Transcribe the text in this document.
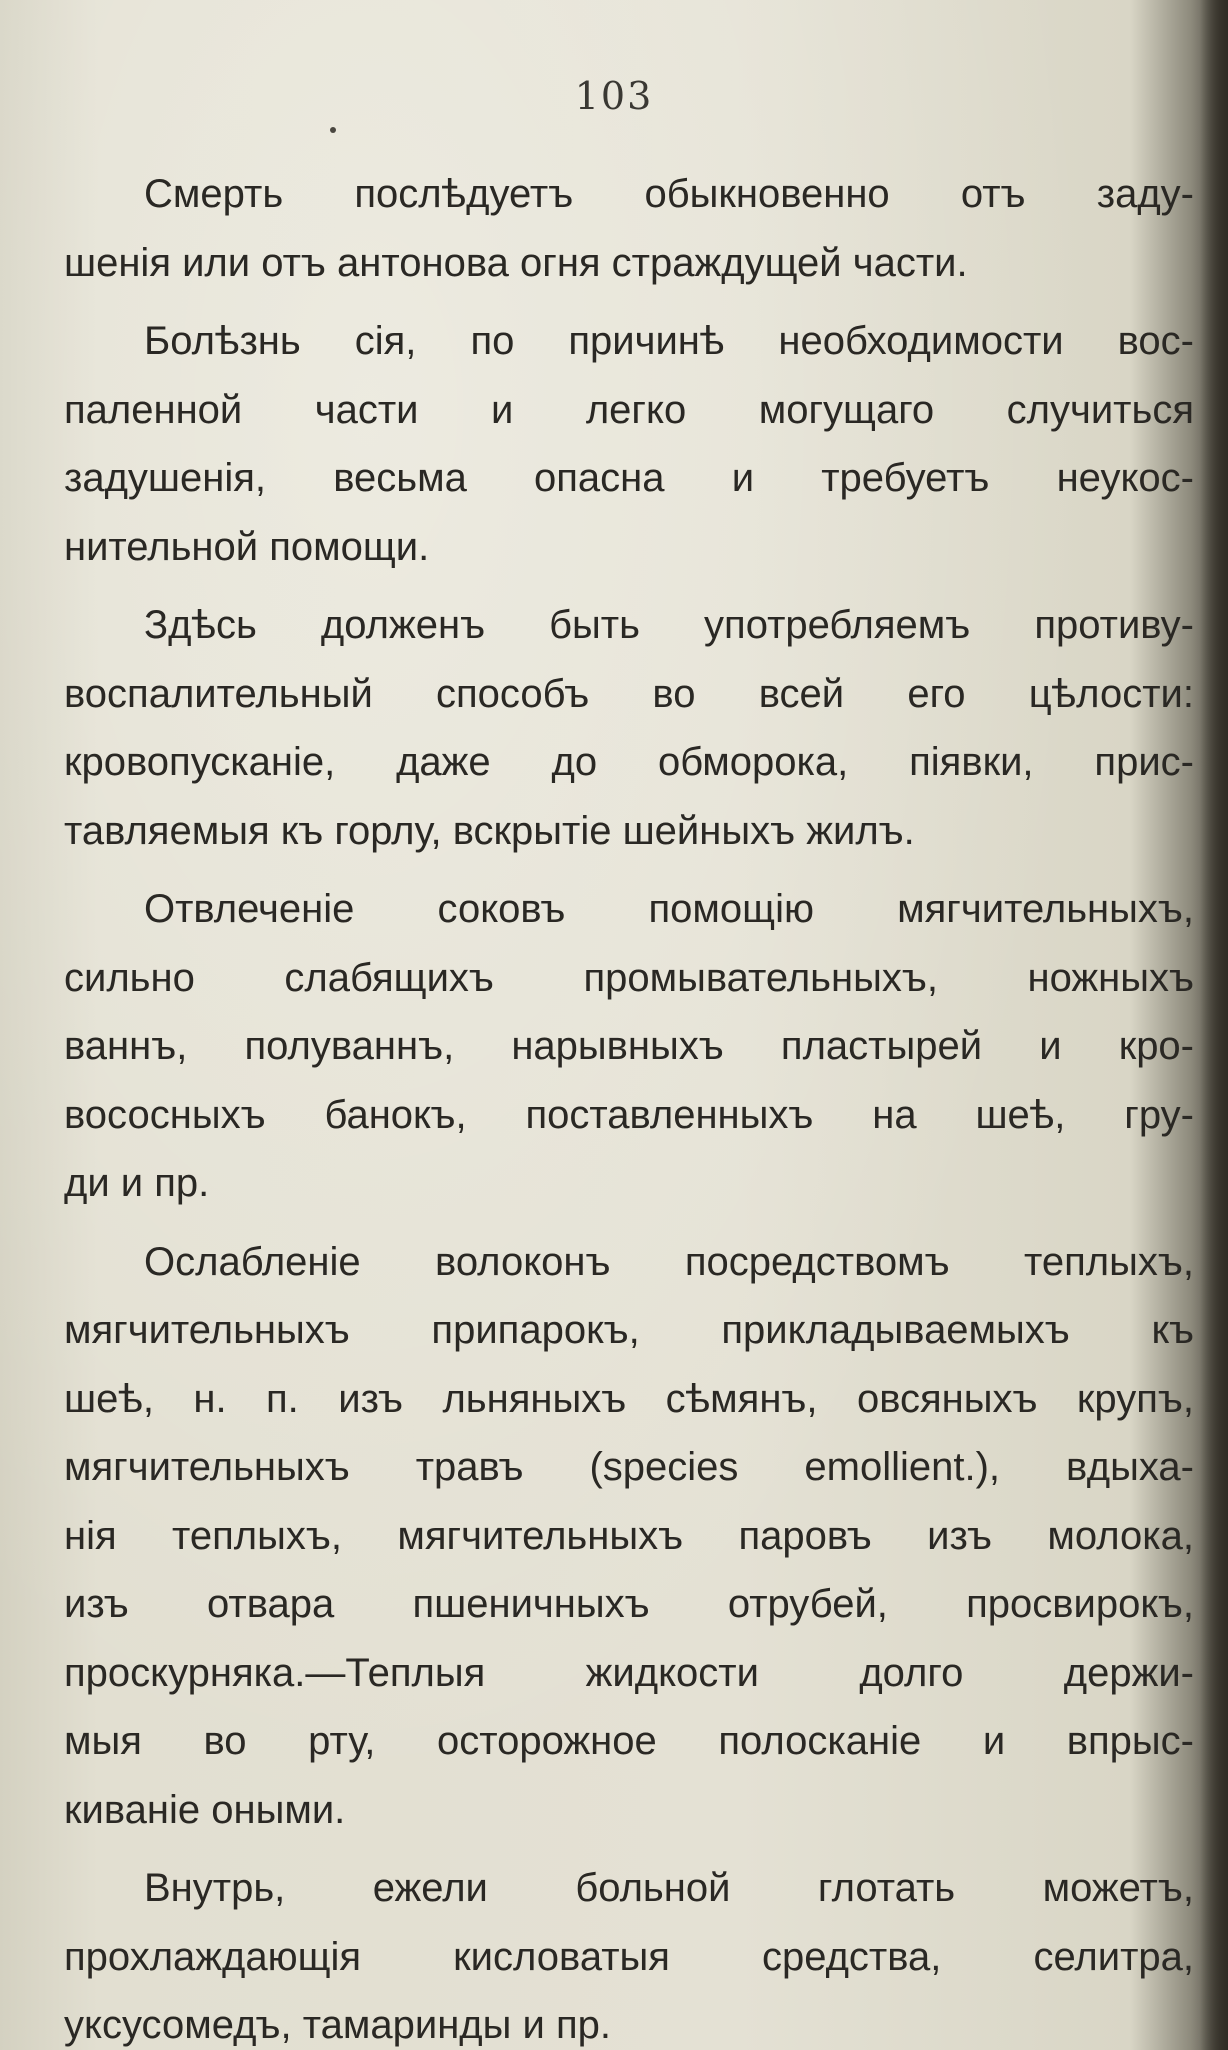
103

Смерть послѣдуетъ обыкновенно отъ заду-
шенія или отъ антонова огня страждущей части.

Болѣзнь сія, по причинѣ необходимости вос-
паленной части и легко могущаго случиться
задушенія, весьма опасна и требуетъ неукос-
нительной помощи.

Здѣсь долженъ быть употребляемъ противу-
воспалительный способъ во всей его цѣлости:
кровопусканіе, даже до обморока, піявки, прис-
тавляемыя къ горлу, вскрытіе шейныхъ жилъ.

Отвлеченіе соковъ помощію мягчительныхъ,
сильно слабящихъ промывательныхъ, ножныхъ
ваннъ, полуваннъ, нарывныхъ пластырей и кро-
вососныхъ банокъ, поставленныхъ на шеѣ, гру-
ди и пр.

Ослабленіе волоконъ посредствомъ теплыхъ,
мягчительныхъ припарокъ, прикладываемыхъ къ
шеѣ, н. п. изъ льняныхъ сѣмянъ, овсяныхъ крупъ,
мягчительныхъ травъ (species emollient.), вдыха-
нія теплыхъ, мягчительныхъ паровъ изъ молока,
изъ отвара пшеничныхъ отрубей, просвирокъ,
проскурняка.—Теплыя жидкости долго держи-
мыя во рту, осторожное полосканіе и впрыс-
киваніе оными.

Внутрь, ежели больной глотать можетъ,
прохлаждающія кисловатыя средства, селитра,
уксусомедъ, тамаринды и пр.
